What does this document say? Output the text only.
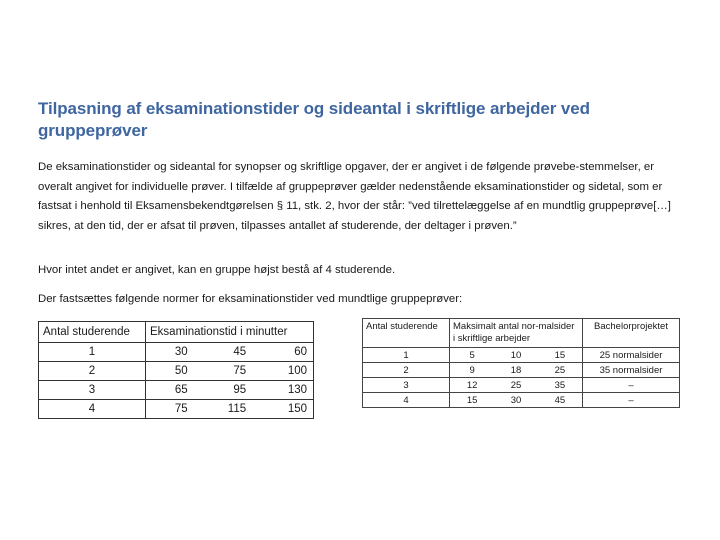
Tilpasning af eksaminationstider og sideantal i skriftlige arbejder ved gruppeprøver
De eksaminationstider og sideantal for synopser og skriftlige opgaver, der er angivet i de følgende prøvebe-stemmelser, er overalt angivet for individuelle prøver. I tilfælde af gruppeprøver gælder nedenstående eksaminationstider og sidetal, som er fastsat i henhold til Eksamensbekendtgørelsen § 11, stk. 2, hvor der står: ”ved tilrettelæggelse af en mundtlig gruppeprøve[…] sikres, at den tid, der er afsat til prøven, tilpasses antallet af studerende, der deltager i prøven.”
Hvor intet andet er angivet, kan en gruppe højst bestå af 4 studerende.
Der fastsættes følgende normer for eksaminationstider ved mundtlige gruppeprøver:
Antal studerende	Eksaminationstid i minutter		
1	30	45	60
2	50	75	100
3	65	95	130
4	75	115	150
Antal studerende	Maksimalt antal nor-malsider i skriftlige arbejder			Bachelorprojektet
1	5	10	15	25 normalsider
2	9	18	25	35 normalsider
3	12	25	35	–
4	15	30	45	–
